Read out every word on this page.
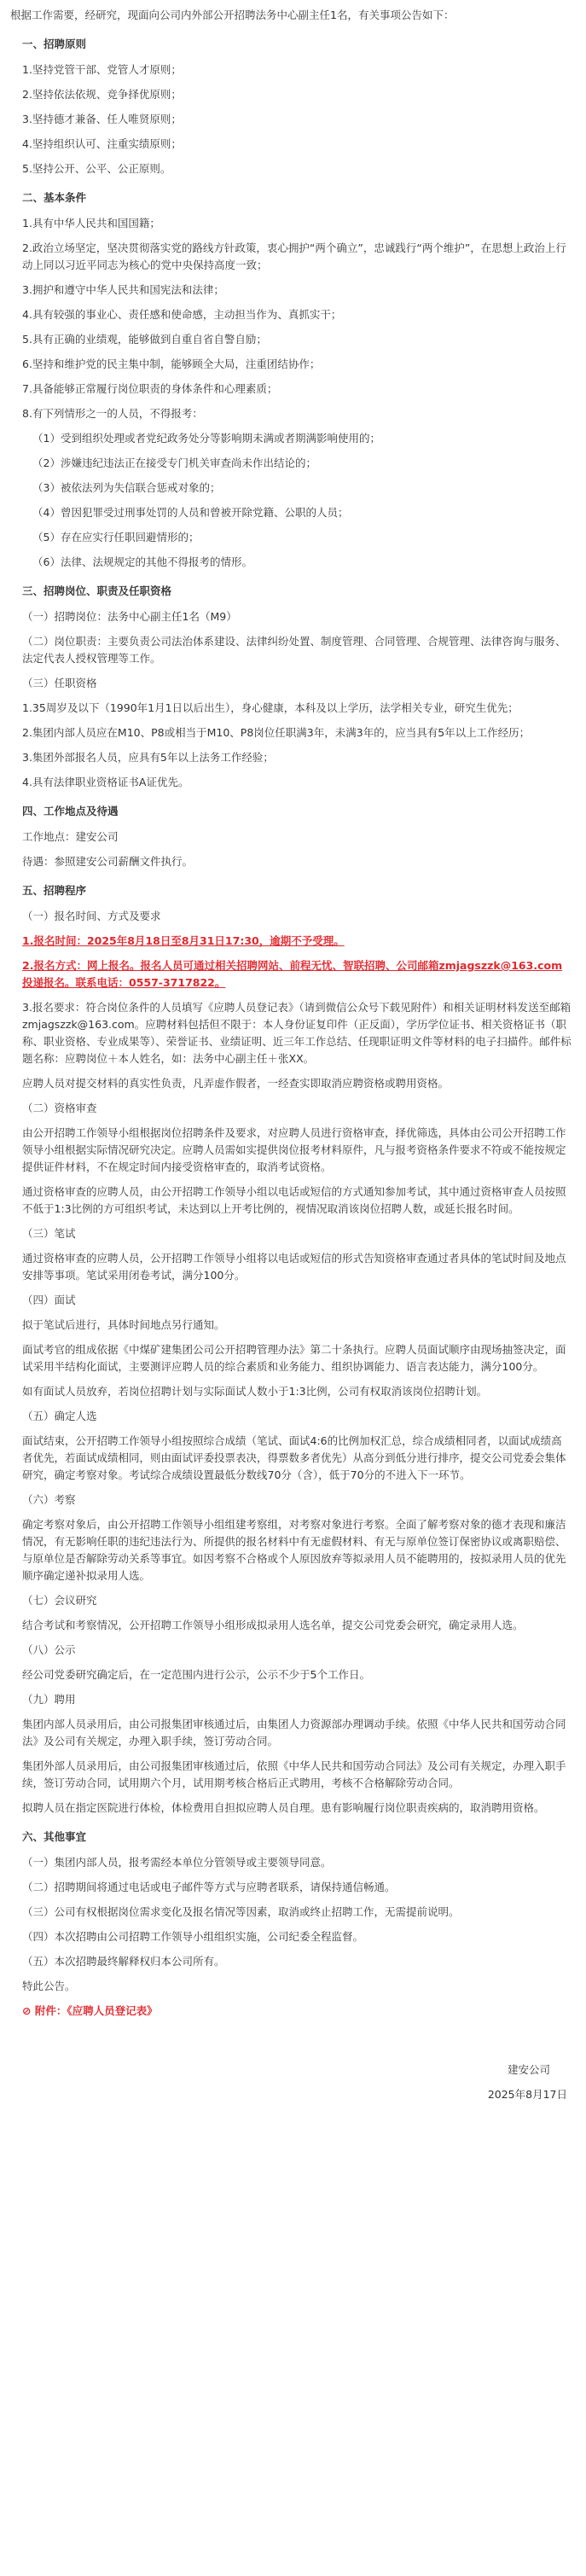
根据工作需要，经研究，现面向公司内外部公开招聘法务中心副主任1名，有关事项公告如下：
一、招聘原则
1.坚持党管干部、党管人才原则；
2.坚持依法依规、竞争择优原则；
3.坚持德才兼备、任人唯贤原则；
4.坚持组织认可、注重实绩原则；
5.坚持公开、公平、公正原则。
二、基本条件
1.具有中华人民共和国国籍；
2.政治立场坚定，坚决贯彻落实党的路线方针政策，衷心拥护“两个确立”，忠诚践行“两个维护”，在思想上政治上行动上同以习近平同志为核心的党中央保持高度一致；
3.拥护和遵守中华人民共和国宪法和法律；
4.具有较强的事业心、责任感和使命感，主动担当作为、真抓实干；
5.具有正确的业绩观，能够做到自重自省自警自励；
6.坚持和维护党的民主集中制，能够顾全大局，注重团结协作；
7.具备能够正常履行岗位职责的身体条件和心理素质；
8.有下列情形之一的人员，不得报考：
（1）受到组织处理或者党纪政务处分等影响期未满或者期满影响使用的；
（2）涉嫌违纪违法正在接受专门机关审查尚未作出结论的；
（3）被依法列为失信联合惩戒对象的；
（4）曾因犯罪受过刑事处罚的人员和曾被开除党籍、公职的人员；
（5）存在应实行任职回避情形的；
（6）法律、法规规定的其他不得报考的情形。
三、招聘岗位、职责及任职资格
（一）招聘岗位：法务中心副主任1名（M9）
（二）岗位职责：主要负责公司法治体系建设、法律纠纷处置、制度管理、合同管理、合规管理、法律咨询与服务、法定代表人授权管理等工作。
（三）任职资格
1.35周岁及以下（1990年1月1日以后出生），身心健康，本科及以上学历，法学相关专业，研究生优先；
2.集团内部人员应在M10、P8或相当于M10、P8岗位任职满3年，未满3年的，应当具有5年以上工作经历；
3.集团外部报名人员，应具有5年以上法务工作经验；
4.具有法律职业资格证书A证优先。
四、工作地点及待遇
工作地点：建安公司
待遇：参照建安公司薪酬文件执行。
五、招聘程序
（一）报名时间、方式及要求
1.报名时间：2025年8月18日至8月31日17:30，逾期不予受理。
2.报名方式：网上报名。报名人员可通过相关招聘网站、前程无忧、智联招聘、公司邮箱zmjagszzk@163.com投递报名。联系电话：0557-3717822。
3.报名要求：符合岗位条件的人员填写《应聘人员登记表》（请到微信公众号下载见附件）和相关证明材料发送至邮箱zmjagszzk@163.com。应聘材料包括但不限于：本人身份证复印件（正反面），学历学位证书、相关资格证书（职称、职业资格、专业成果等）、荣誉证书、业绩证明、近三年工作总结、任现职证明文件等材料的电子扫描件。邮件标题名称：应聘岗位＋本人姓名，如：法务中心副主任＋张XX。
应聘人员对提交材料的真实性负责，凡弄虚作假者，一经查实即取消应聘资格或聘用资格。
（二）资格审查
由公开招聘工作领导小组根据岗位招聘条件及要求，对应聘人员进行资格审查，择优筛选，具体由公司公开招聘工作领导小组根据实际情况研究决定。应聘人员需如实提供岗位报考材料原件，凡与报考资格条件要求不符或不能按规定提供证件材料，不在规定时间内接受资格审查的，取消考试资格。
通过资格审查的应聘人员，由公开招聘工作领导小组以电话或短信的方式通知参加考试，其中通过资格审查人员按照不低于1:3比例的方可组织考试，未达到以上开考比例的，视情况取消该岗位招聘人数，或延长报名时间。
（三）笔试
通过资格审查的应聘人员，公开招聘工作领导小组将以电话或短信的形式告知资格审查通过者具体的笔试时间及地点安排等事项。笔试采用闭卷考试，满分100分。
（四）面试
拟于笔试后进行，具体时间地点另行通知。
面试考官的组成依据《中煤矿建集团公司公开招聘管理办法》第二十条执行。应聘人员面试顺序由现场抽签决定，面试采用半结构化面试，主要测评应聘人员的综合素质和业务能力、组织协调能力、语言表达能力，满分100分。
如有面试人员放弃，若岗位招聘计划与实际面试人数小于1:3比例，公司有权取消该岗位招聘计划。
（五）确定人选
面试结束，公开招聘工作领导小组按照综合成绩（笔试、面试4:6的比例加权汇总，综合成绩相同者，以面试成绩高者优先，若面试成绩相同，则由面试评委投票表决，得票数多者优先）从高分到低分进行排序，提交公司党委会集体研究，确定考察对象。考试综合成绩设置最低分数线70分（含），低于70分的不进入下一环节。
（六）考察
确定考察对象后，由公开招聘工作领导小组组建考察组，对考察对象进行考察。全面了解考察对象的德才表现和廉洁情况，有无影响任职的违纪违法行为、所提供的报名材料中有无虚假材料、有无与原单位签订保密协议或离职赔偿、与原单位是否解除劳动关系等事宜。如因考察不合格或个人原因放弃等拟录用人员不能聘用的，按拟录用人员的优先顺序确定递补拟录用人选。
（七）会议研究
结合考试和考察情况，公开招聘工作领导小组形成拟录用人选名单，提交公司党委会研究，确定录用人选。
（八）公示
经公司党委研究确定后，在一定范围内进行公示，公示不少于5个工作日。
（九）聘用
集团内部人员录用后，由公司报集团审核通过后，由集团人力资源部办理调动手续。依照《中华人民共和国劳动合同法》及公司有关规定，办理入职手续，签订劳动合同。
集团外部人员录用后，由公司报集团审核通过后，依照《中华人民共和国劳动合同法》及公司有关规定，办理入职手续，签订劳动合同，试用期六个月，试用期考核合格后正式聘用，考核不合格解除劳动合同。
拟聘人员在指定医院进行体检，体检费用自担拟应聘人员自理。患有影响履行岗位职责疾病的，取消聘用资格。
六、其他事宜
（一）集团内部人员，报考需经本单位分管领导或主要领导同意。
（二）招聘期间将通过电话或电子邮件等方式与应聘者联系，请保持通信畅通。
（三）公司有权根据岗位需求变化及报名情况等因素，取消或终止招聘工作，无需提前说明。
（四）本次招聘由公司招聘工作领导小组组织实施，公司纪委全程监督。
（五）本次招聘最终解释权归本公司所有。
特此公告。
⊘ 附件：《应聘人员登记表》
建安公司
2025年8月17日
